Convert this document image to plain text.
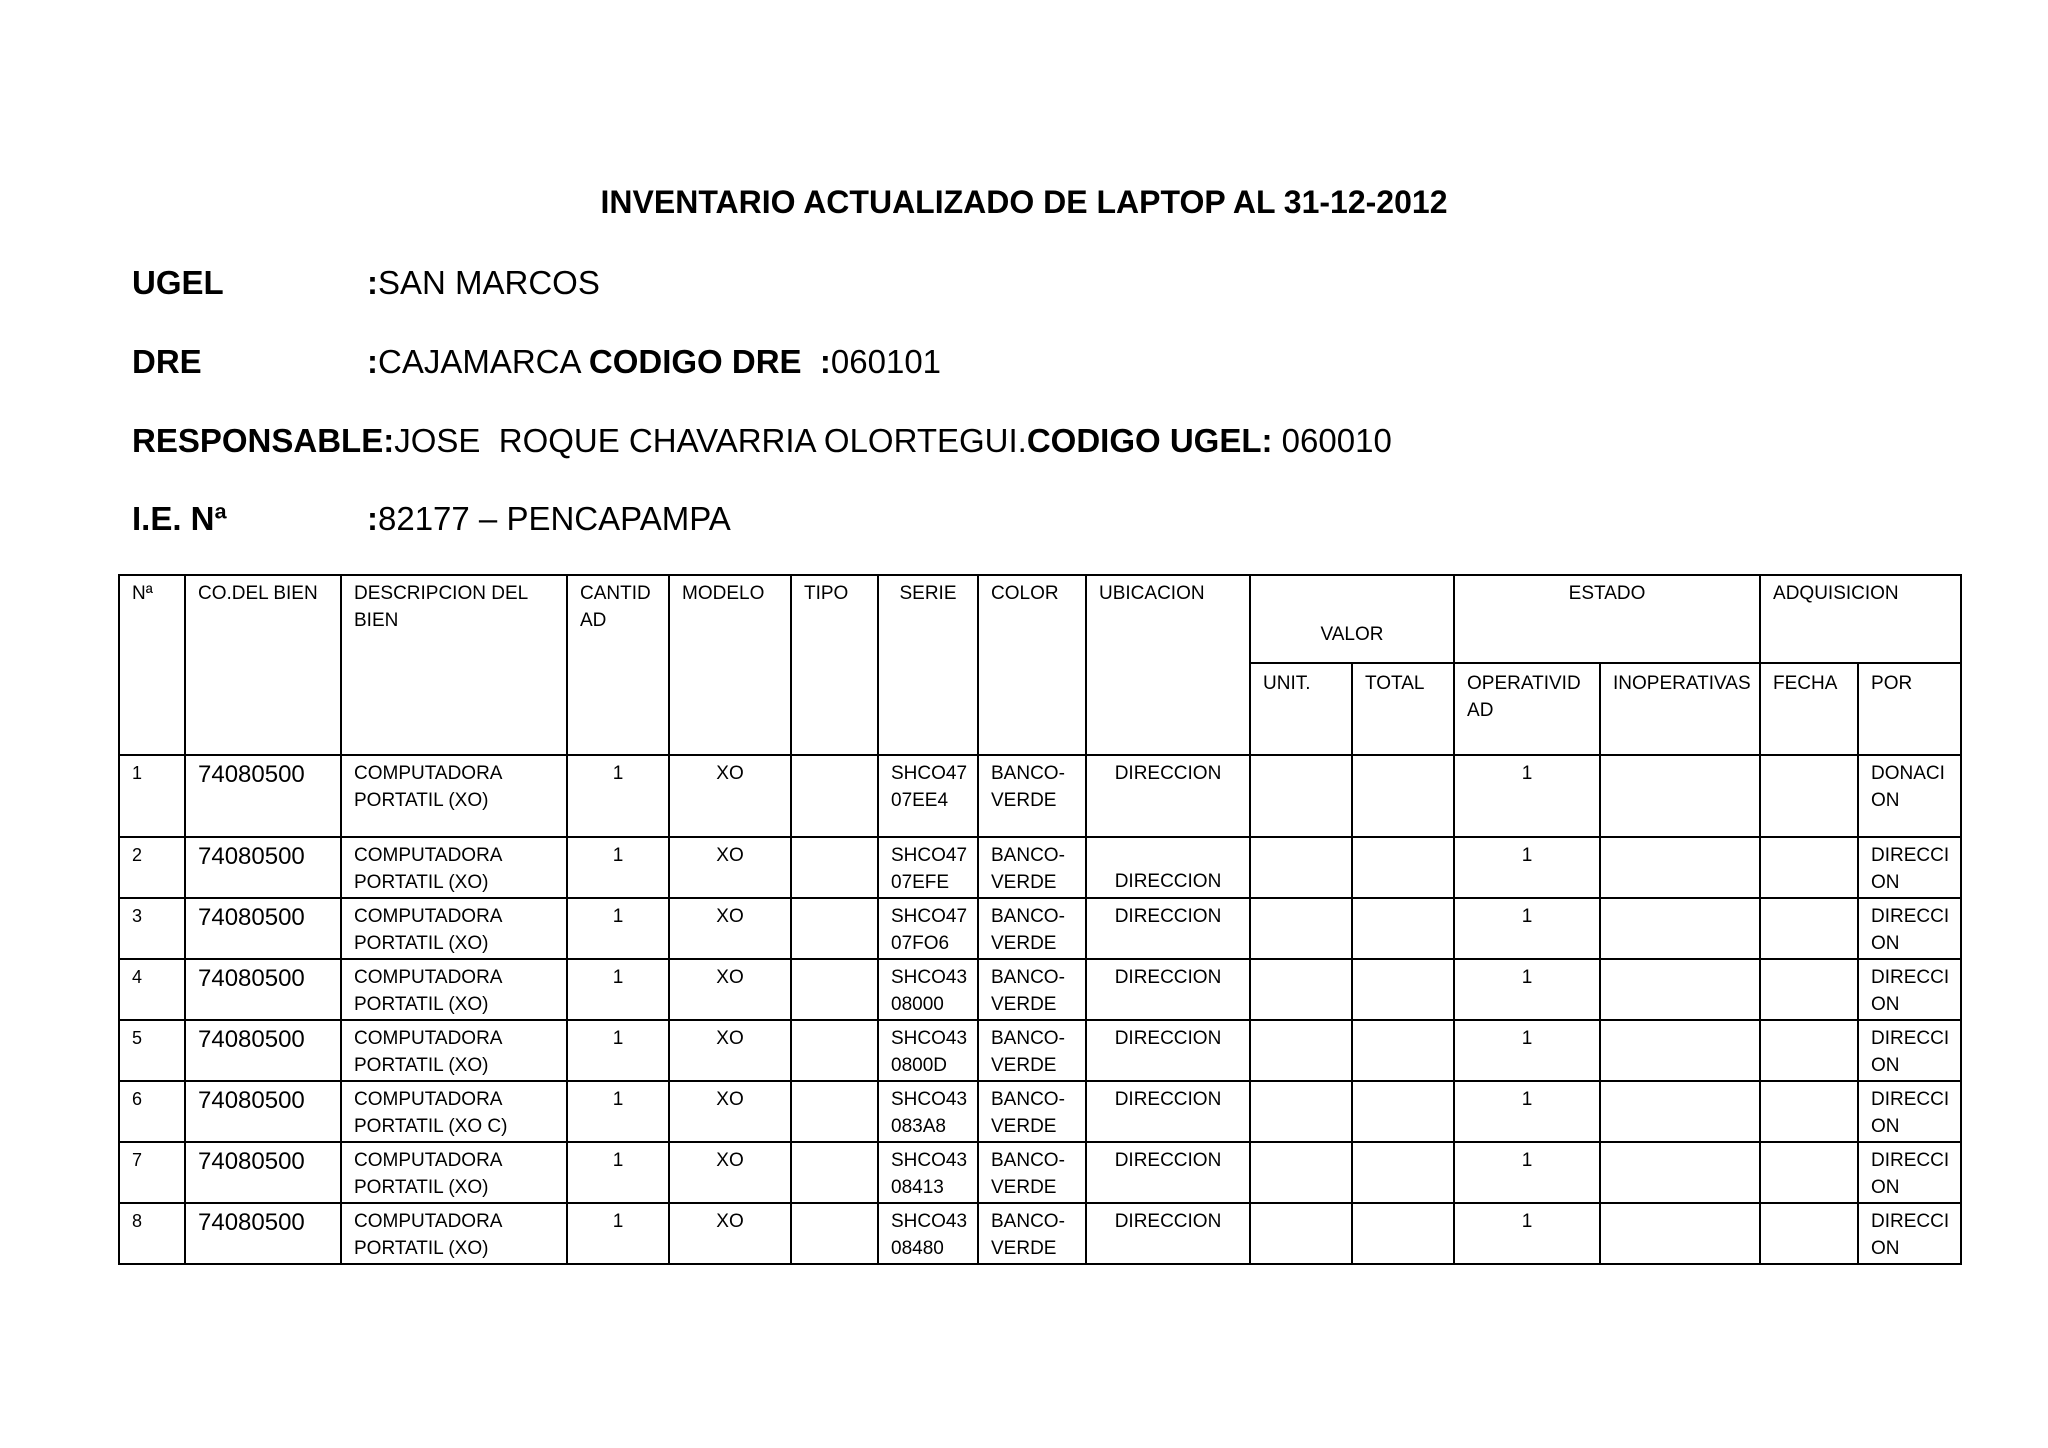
INVENTARIO ACTUALIZADO DE LAPTOP AL 31-12-2012
UGEL	:SAN MARCOS
DRE	:CAJAMARCA CODIGO DRE :060101
RESPONSABLE:JOSE  ROQUE CHAVARRIA OLORTEGUI.CODIGO UGEL: 060010
I.E. Nª	:82177 – PENCAPAMPA
Nª	CO.DEL BIEN	DESCRIPCION DEL BIEN	CANTID AD	MODELO	TIPO	SERIE	COLOR	UBICACION	VALOR		ESTADO		ADQUISICION	
									UNIT.	TOTAL	OPERATIVID AD	INOPERATIVAS	FECHA	POR
1	74080500	COMPUTADORA PORTATIL (XO)	1	XO		SHCO47 07EE4	BANCO-VERDE	DIRECCION			1			DONACI ON
2	74080500	COMPUTADORA PORTATIL (XO)	1	XO		SHCO47 07EFE	BANCO-VERDE	DIRECCION			1			DIRECCI ON
3	74080500	COMPUTADORA PORTATIL (XO)	1	XO		SHCO47 07FO6	BANCO-VERDE	DIRECCION			1			DIRECCI ON
4	74080500	COMPUTADORA PORTATIL (XO)	1	XO		SHCO43 08000	BANCO-VERDE	DIRECCION			1			DIRECCI ON
5	74080500	COMPUTADORA PORTATIL (XO)	1	XO		SHCO43 0800D	BANCO-VERDE	DIRECCION			1			DIRECCI ON
6	74080500	COMPUTADORA PORTATIL (XO C)	1	XO		SHCO43 083A8	BANCO-VERDE	DIRECCION			1			DIRECCI ON
7	74080500	COMPUTADORA PORTATIL (XO)	1	XO		SHCO43 08413	BANCO-VERDE	DIRECCION			1			DIRECCI ON
8	74080500	COMPUTADORA PORTATIL (XO)	1	XO		SHCO43 08480	BANCO-VERDE	DIRECCION			1			DIRECCI ON
